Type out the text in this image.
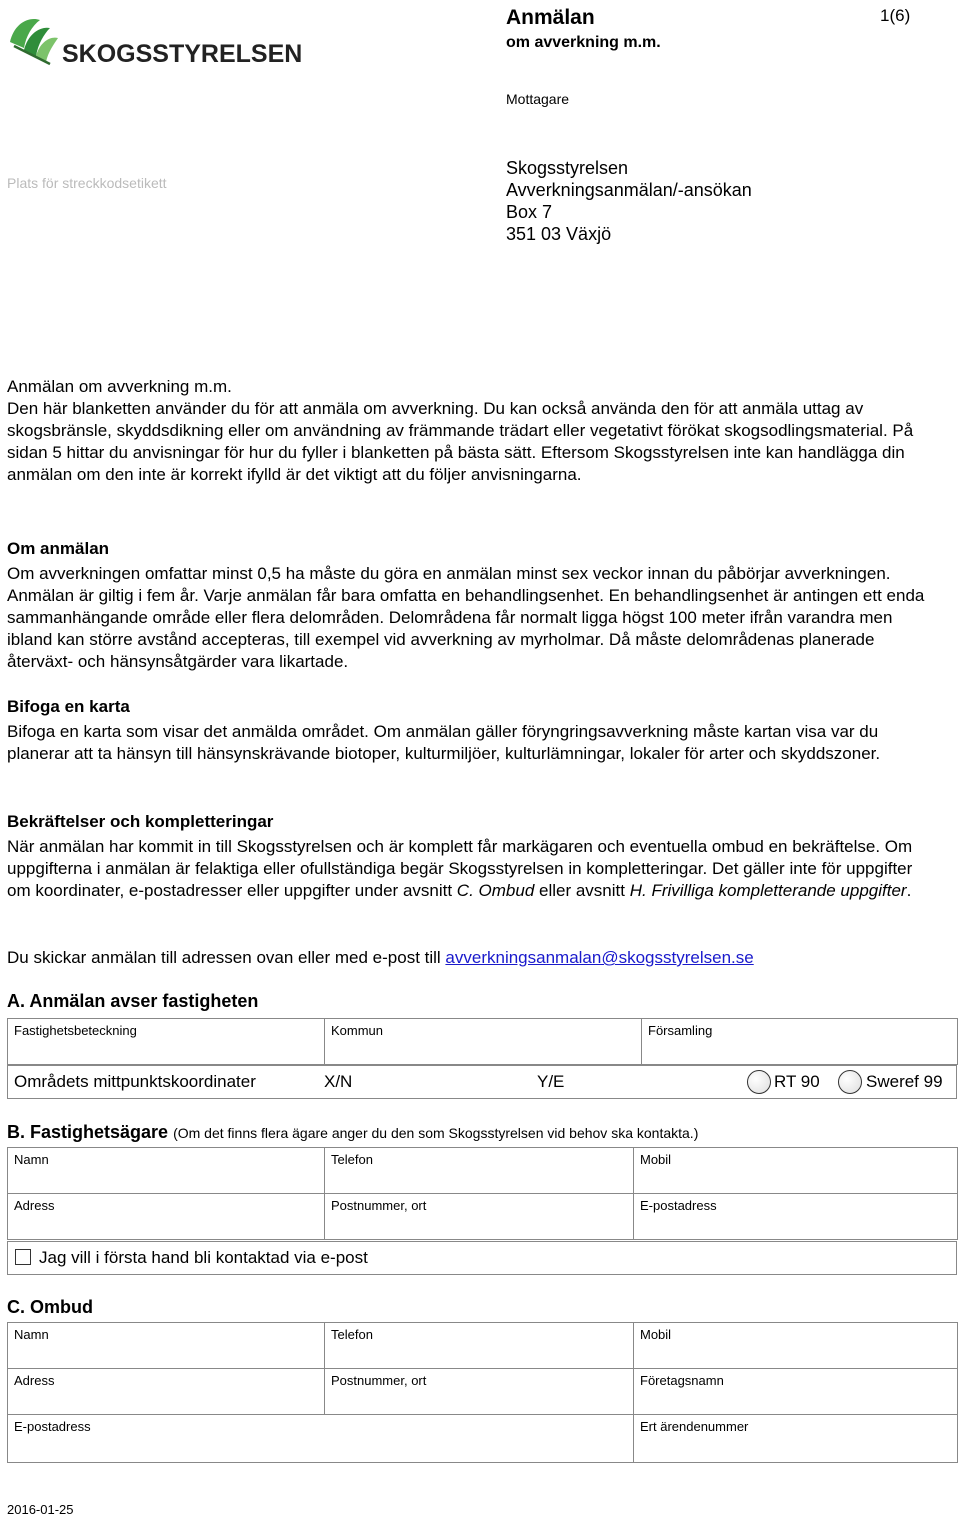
SKOGSSTYRELSEN
Anmälan
om avverkning m.m.
1(6)
Mottagare
Plats för streckkodsetikett
Skogsstyrelsen
Avverkningsanmälan/-ansökan
Box 7
351 03 Växjö

Anmälan om avverkning m.m.

Den här blanketten använder du för att anmäla om avverkning. Du kan också använda den för att anmäla uttag av skogsbränsle, skyddsdikning eller om användning av främmande trädart eller vegetativt förökat skogsodlingsmaterial. På sidan 5 hittar du anvisningar för hur du fyller i blanketten på bästa sätt. Eftersom Skogsstyrelsen inte kan handlägga din anmälan om den inte är korrekt ifylld är det viktigt att du följer anvisningarna.

Om anmälan

Om avverkningen omfattar minst 0,5 ha måste du göra en anmälan minst sex veckor innan du påbörjar avverkningen. Anmälan är giltig i fem år. Varje anmälan får bara omfatta en behandlingsenhet. En behandlingsenhet är antingen ett enda sammanhängande område eller flera delområden. Delområdena får normalt ligga högst 100 meter ifrån varandra men ibland kan större avstånd accepteras, till exempel vid avverkning av myrholmar. Då måste delområdenas planerade återväxt- och hänsynsåtgärder vara likartade.

Bifoga en karta

Bifoga en karta som visar det anmälda området. Om anmälan gäller föryngringsavverkning måste kartan visa var du planerar att ta hänsyn till hänsynskrävande biotoper, kulturmiljöer, kulturlämningar, lokaler för arter och skyddszoner.

Bekräftelser och kompletteringar

När anmälan har kommit in till Skogsstyrelsen och är komplett får markägaren och eventuella ombud en bekräftelse. Om uppgifterna i anmälan är felaktiga eller ofullständiga begär Skogsstyrelsen in kompletteringar. Det gäller inte för uppgifter om koordinater, e-postadresser eller uppgifter under avsnitt C. Ombud eller avsnitt H. Frivilliga kompletterande uppgifter.

Du skickar anmälan till adressen ovan eller med e-post till avverkningsanmalan@skogsstyrelsen.se

A. Anmälan avser fastigheten
Fastighetsbeteckning	Kommun	Församling
Områdets mittpunktskoordinater	X/N	Y/E	RT 90	Sweref 99
B. Fastighetsägare (Om det finns flera ägare anger du den som Skogsstyrelsen vid behov ska kontakta.)
Namn	Telefon	Mobil

Adress	Postnummer, ort	E-postadress
Jag vill i första hand bli kontaktad via e-post
C. Ombud
Namn	Telefon	Mobil

Adress	Postnummer, ort	Företagsnamn

E-postadress		Ert ärendenummer
2016-01-25
